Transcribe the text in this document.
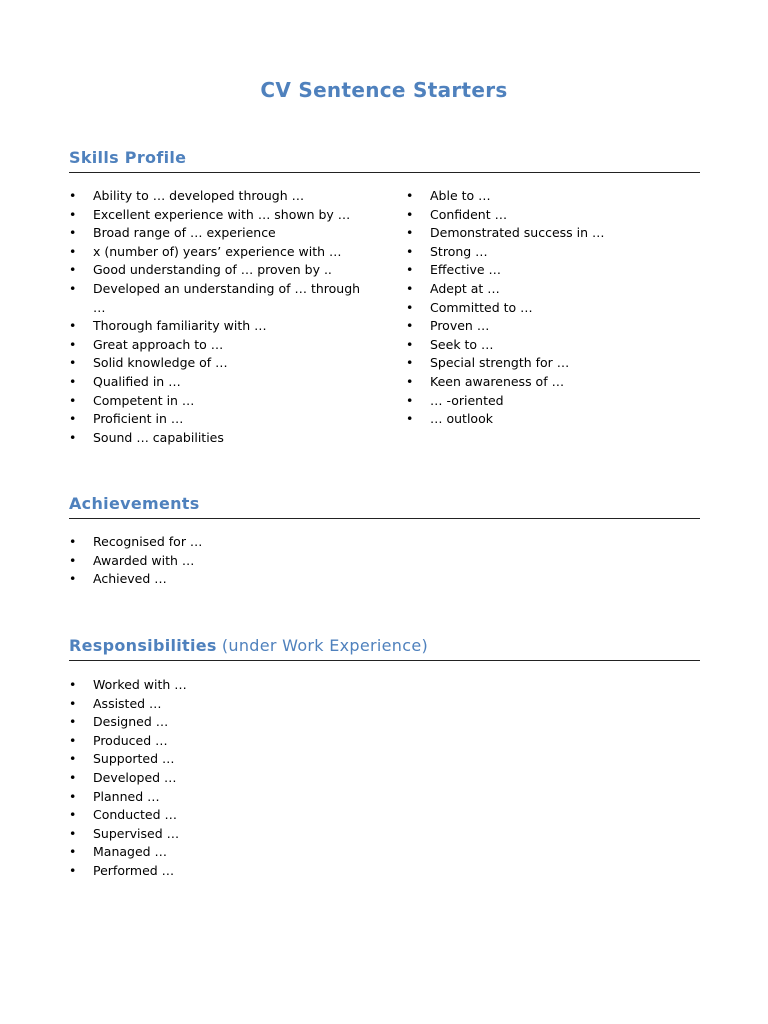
CV Sentence Starters
Skills Profile
• Ability to … developed through …
• Excellent experience with … shown by …
• Broad range of … experience
• x (number of) years’ experience with …
• Good understanding of … proven by ..
• Developed an understanding of … through …
• Thorough familiarity with …
• Great approach to …
• Solid knowledge of …
• Qualified in …
• Competent in …
• Proficient in …
• Sound … capabilities
• Able to …
• Confident …
• Demonstrated success in …
• Strong …
• Effective …
• Adept at …
• Committed to …
• Proven …
• Seek to …
• Special strength for …
• Keen awareness of …
• … -oriented
• … outlook
Achievements
• Recognised for …
• Awarded with …
• Achieved …
Responsibilities (under Work Experience)
• Worked with …
• Assisted …
• Designed …
• Produced …
• Supported …
• Developed …
• Planned …
• Conducted …
• Supervised …
• Managed …
• Performed …
